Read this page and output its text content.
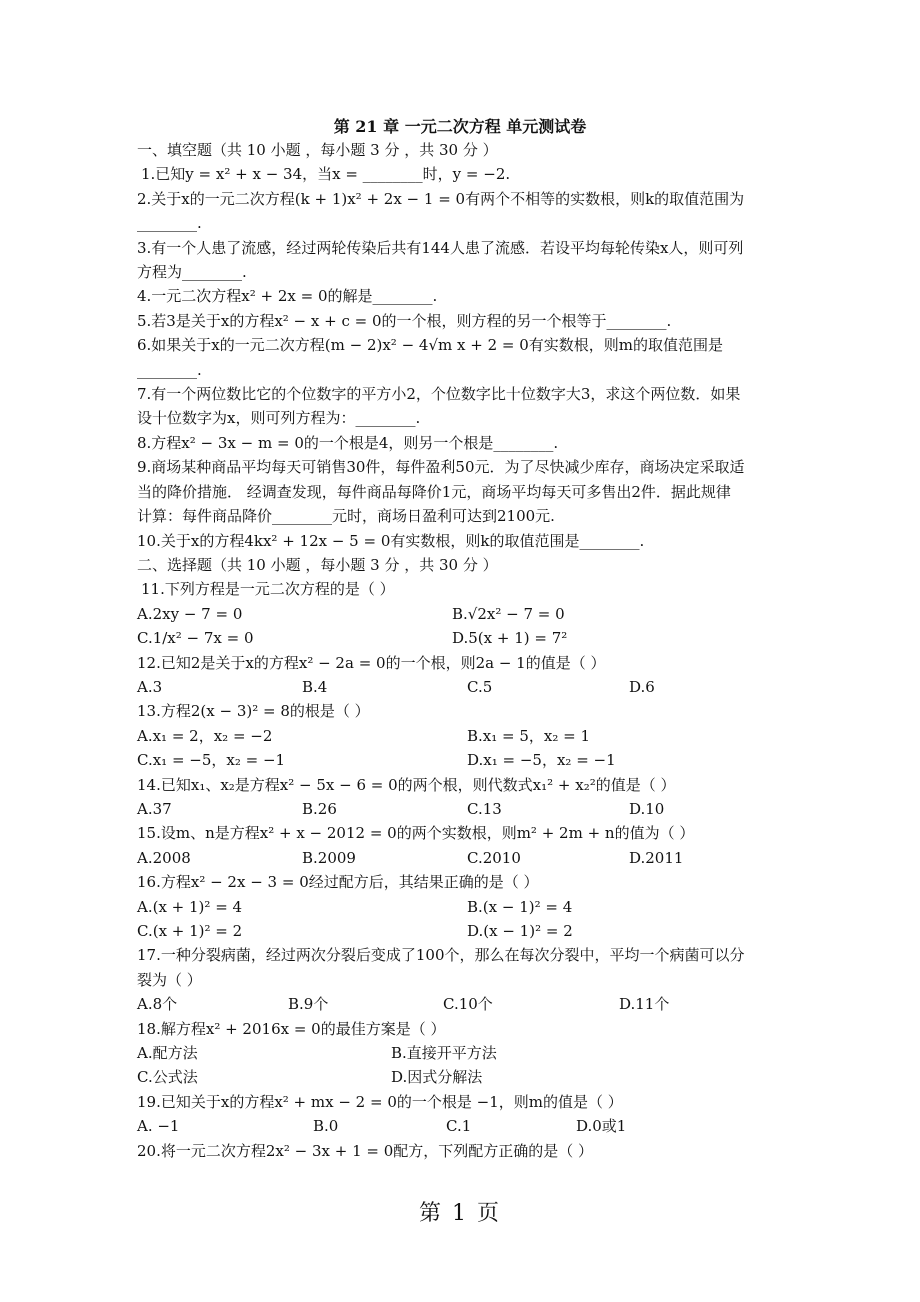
第 21 章 一元二次方程 单元测试卷
一、填空题（共 10 小题 ，每小题 3 分 ，共 30 分 ）
1.已知y = x² + x − 34，当x = ________时，y = −2.
2.关于x的一元二次方程(k + 1)x² + 2x − 1 = 0有两个不相等的实数根，则k的取值范围为
________.
3.有一个人患了流感，经过两轮传染后共有144人患了流感．若设平均每轮传染x人，则可列
方程为________.
4.一元二次方程x² + 2x = 0的解是________.
5.若3是关于x的方程x² − x + c = 0的一个根，则方程的另一个根等于________.
6.如果关于x的一元二次方程(m − 2)x² − 4√m x + 2 = 0有实数根，则m的取值范围是
________.
7.有一个两位数比它的个位数字的平方小2，个位数字比十位数字大3，求这个两位数．如果
设十位数字为x，则可列方程为：________.
8.方程x² − 3x − m = 0的一个根是4，则另一个根是________.
9.商场某种商品平均每天可销售30件，每件盈利50元．为了尽快减少库存，商场决定采取适
当的降价措施． 经调查发现，每件商品每降价1元，商场平均每天可多售出2件．据此规律
计算：每件商品降价________元时，商场日盈利可达到2100元.
10.关于x的方程4kx² + 12x − 5 = 0有实数根，则k的取值范围是________.
二、选择题（共 10 小题 ，每小题 3 分 ，共 30 分 ）
11.下列方程是一元二次方程的是（ ）
A.2xy − 7 = 0	B.√2x² − 7 = 0
C.1/x² − 7x = 0	D.5(x + 1) = 7²
12.已知2是关于x的方程x² − 2a = 0的一个根，则2a − 1的值是（ ）
A.3	B.4	C.5	D.6
13.方程2(x − 3)² = 8的根是（ ）
A.x₁ = 2，x₂ = −2	B.x₁ = 5，x₂ = 1
C.x₁ = −5，x₂ = −1	D.x₁ = −5，x₂ = −1
14.已知x₁、x₂是方程x² − 5x − 6 = 0的两个根，则代数式x₁² + x₂²的值是（ ）
A.37	B.26	C.13	D.10
15.设m、n是方程x² + x − 2012 = 0的两个实数根，则m² + 2m + n的值为（ ）
A.2008	B.2009	C.2010	D.2011
16.方程x² − 2x − 3 = 0经过配方后，其结果正确的是（ ）
A.(x + 1)² = 4	B.(x − 1)² = 4
C.(x + 1)² = 2	D.(x − 1)² = 2
17.一种分裂病菌，经过两次分裂后变成了100个，那么在每次分裂中，平均一个病菌可以分
裂为（ ）
A.8个	B.9个	C.10个	D.11个
18.解方程x² + 2016x = 0的最佳方案是（ ）
A.配方法	B.直接开平方法
C.公式法	D.因式分解法
19.已知关于x的方程x² + mx − 2 = 0的一个根是 −1，则m的值是（ ）
A. −1	B.0	C.1	D.0或1
20.将一元二次方程2x² − 3x + 1 = 0配方，下列配方正确的是（ ）
第 1 页
